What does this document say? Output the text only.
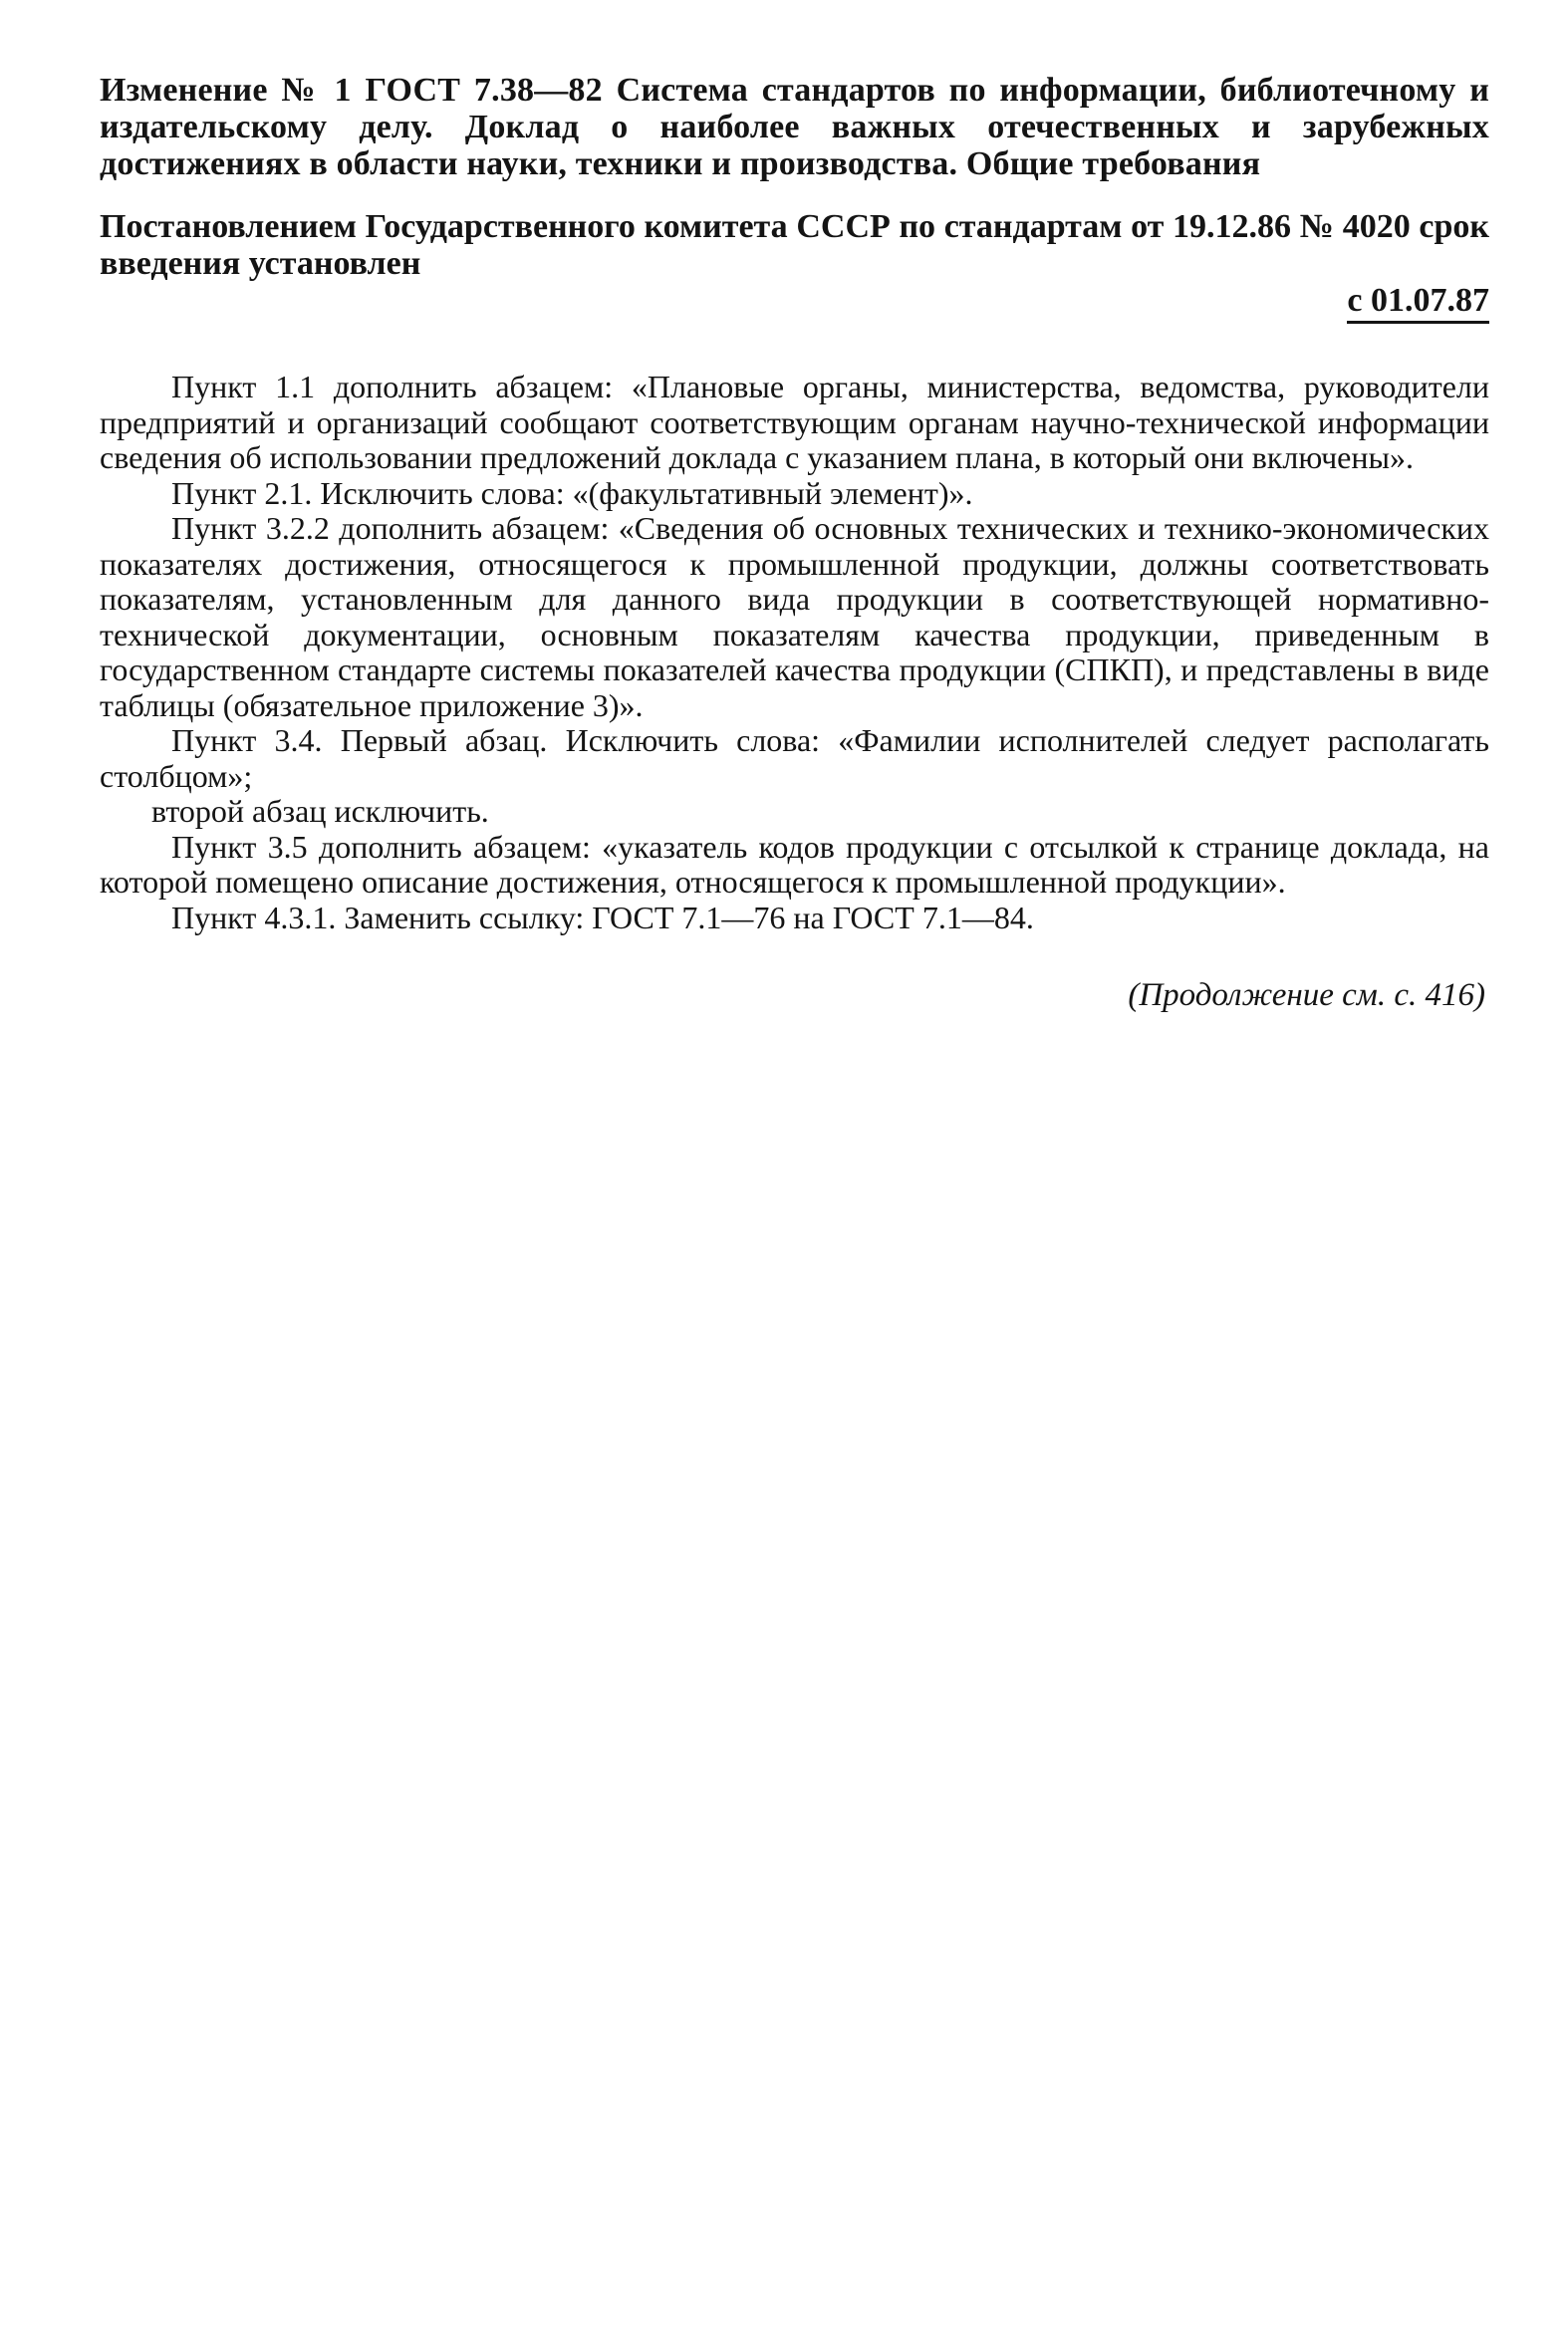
Изменение № 1 ГОСТ 7.38—82 Система стандартов по информации, библиотечному и издательскому делу. Доклад о наиболее важных отечественных и зарубежных достижениях в области науки, техники и производства. Общие требования

Постановлением Государственного комитета СССР по стандартам от 19.12.86 № 4020 срок введения установлен

с 01.07.87

Пункт 1.1 дополнить абзацем: «Плановые органы, министерства, ведомства, руководители предприятий и организаций сообщают соответствующим органам научно-технической информации сведения об использовании предложений доклада с указанием плана, в который они включены».

Пункт 2.1. Исключить слова: «(факультативный элемент)».

Пункт 3.2.2 дополнить абзацем: «Сведения об основных технических и технико-экономических показателях достижения, относящегося к промышленной продукции, должны соответствовать показателям, установленным для данного вида продукции в соответствующей нормативно-технической документации, основным показателям качества продукции, приведенным в государственном стандарте системы показателей качества продукции (СПКП), и представлены в виде таблицы (обязательное приложение 3)».

Пункт 3.4. Первый абзац. Исключить слова: «Фамилии исполнителей следует располагать столбцом»;

второй абзац исключить.

Пункт 3.5 дополнить абзацем: «указатель кодов продукции с отсылкой к странице доклада, на которой помещено описание достижения, относящегося к промышленной продукции».

Пункт 4.3.1. Заменить ссылку: ГОСТ 7.1—76 на ГОСТ 7.1—84.

(Продолжение см. с. 416)
